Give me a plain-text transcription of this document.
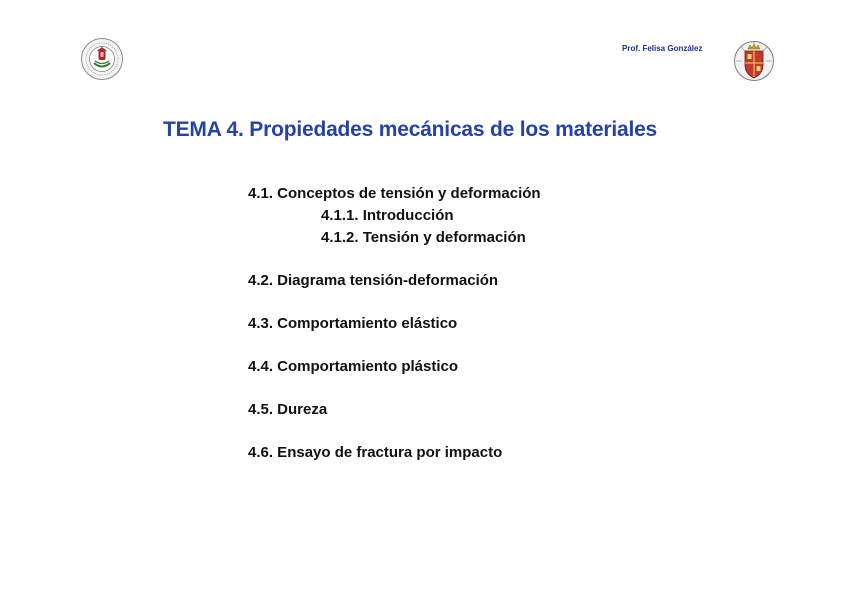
Prof. Felisa González
TEMA 4. Propiedades mecánicas de los materiales
4.1. Conceptos de tensión y deformación
4.1.1. Introducción
4.1.2. Tensión y deformación
4.2. Diagrama tensión-deformación
4.3. Comportamiento elástico
4.4. Comportamiento plástico
4.5. Dureza
4.6. Ensayo de fractura por impacto
